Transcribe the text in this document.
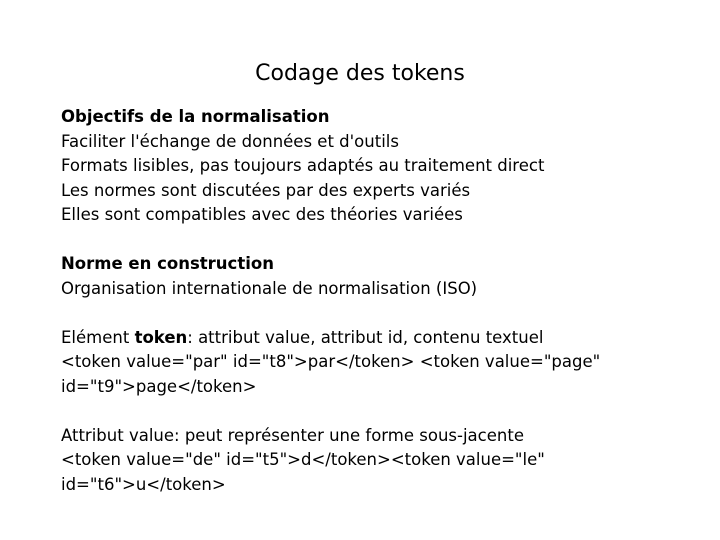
Codage des tokens
Objectifs de la normalisation
Faciliter l'échange de données et d'outils
Formats lisibles, pas toujours adaptés au traitement direct
Les normes sont discutées par des experts variés
Elles sont compatibles avec des théories variées
Norme en construction
Organisation internationale de normalisation (ISO)
Elément token: attribut value, attribut id, contenu textuel
<token value="par" id="t8">par</token> <token value="page"
id="t9">page</token>
Attribut value: peut représenter une forme sous-jacente
<token value="de" id="t5">d</token><token value="le"
id="t6">u</token>
